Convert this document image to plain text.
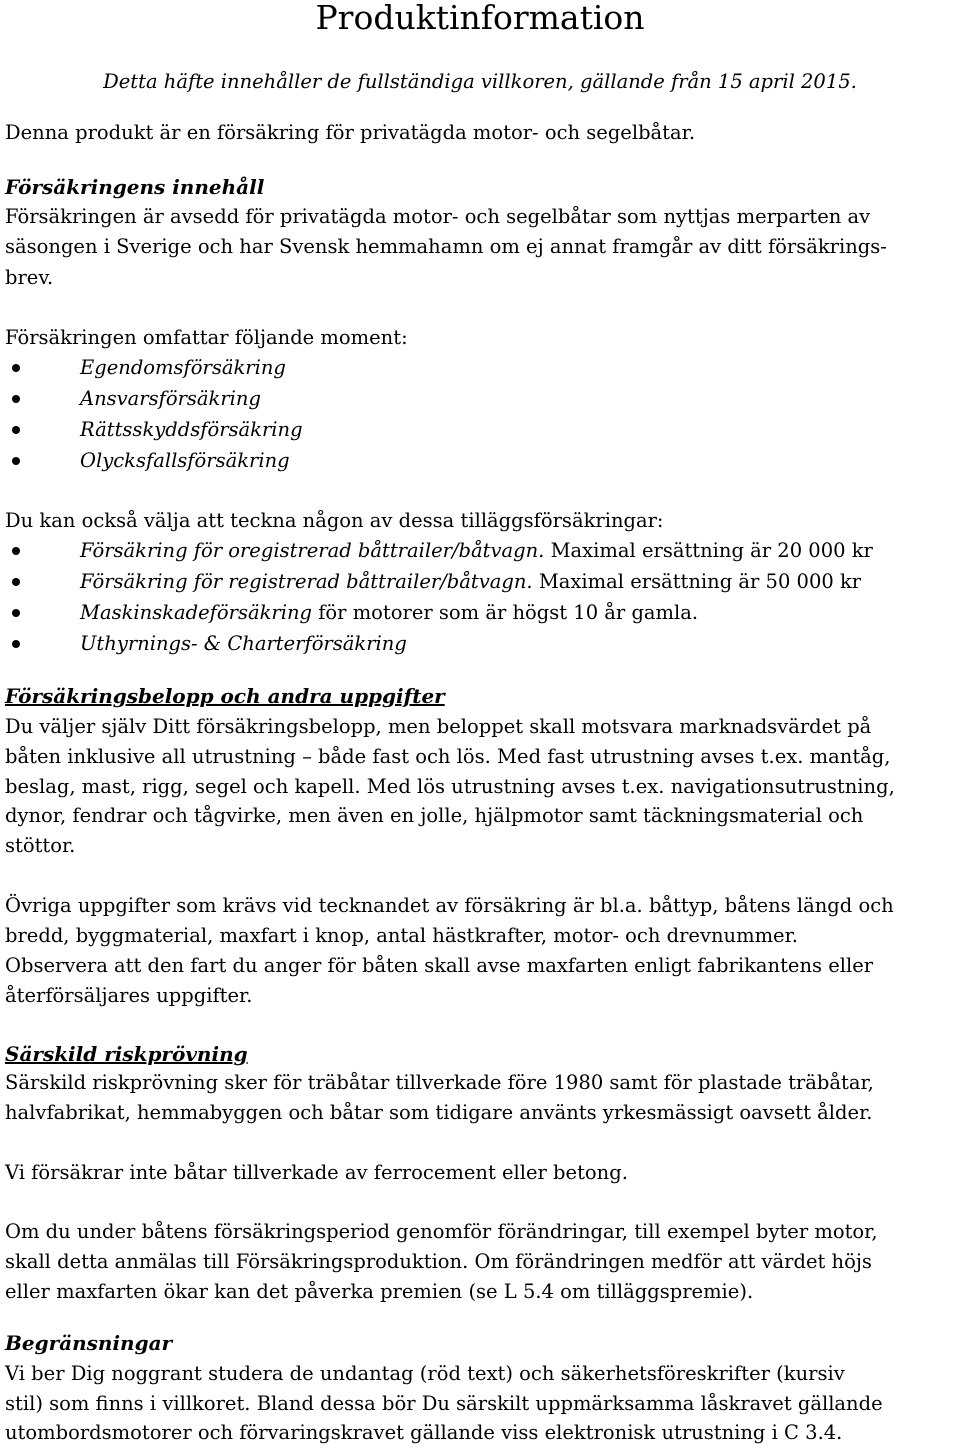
Produktinformation
Detta häfte innehåller de fullständiga villkoren, gällande från 15 april 2015.
Denna produkt är en försäkring för privatägda motor- och segelbåtar.
Försäkringens innehåll
Försäkringen är avsedd för privatägda motor- och segelbåtar som nyttjas merparten av
säsongen i Sverige och har Svensk hemmahamn om ej annat framgår av ditt försäkrings-
brev.
Försäkringen omfattar följande moment:
Egendomsförsäkring
Ansvarsförsäkring
Rättsskyddsförsäkring
Olycksfallsförsäkring
Du kan också välja att teckna någon av dessa tilläggsförsäkringar:
Försäkring för oregistrerad båttrailer/båtvagn. Maximal ersättning är 20 000 kr
Försäkring för registrerad båttrailer/båtvagn. Maximal ersättning är 50 000 kr
Maskinskadeförsäkring för motorer som är högst 10 år gamla.
Uthyrnings- & Charterförsäkring
Försäkringsbelopp och andra uppgifter
Du väljer själv Ditt försäkringsbelopp, men beloppet skall motsvara marknadsvärdet på
båten inklusive all utrustning – både fast och lös. Med fast utrustning avses t.ex. mantåg,
beslag, mast, rigg, segel och kapell. Med lös utrustning avses t.ex. navigationsutrustning,
dynor, fendrar och tågvirke, men även en jolle, hjälpmotor samt täckningsmaterial och
stöttor.
Övriga uppgifter som krävs vid tecknandet av försäkring är bl.a. båttyp, båtens längd och
bredd, byggmaterial, maxfart i knop, antal hästkrafter, motor- och drevnummer.
Observera att den fart du anger för båten skall avse maxfarten enligt fabrikantens eller
återförsäljares uppgifter.
Särskild riskprövning
Särskild riskprövning sker för träbåtar tillverkade före 1980 samt för plastade träbåtar,
halvfabrikat, hemmabyggen och båtar som tidigare använts yrkesmässigt oavsett ålder.
Vi försäkrar inte båtar tillverkade av ferrocement eller betong.
Om du under båtens försäkringsperiod genomför förändringar, till exempel byter motor,
skall detta anmälas till Försäkringsproduktion. Om förändringen medför att värdet höjs
eller maxfarten ökar kan det påverka premien (se L 5.4 om tilläggspremie).
Begränsningar
Vi ber Dig noggrant studera de undantag (röd text) och säkerhetsföreskrifter (kursiv
stil) som finns i villkoret. Bland dessa bör Du särskilt uppmärksamma låskravet gällande
utombordsmotorer och förvaringskravet gällande viss elektronisk utrustning i C 3.4.
